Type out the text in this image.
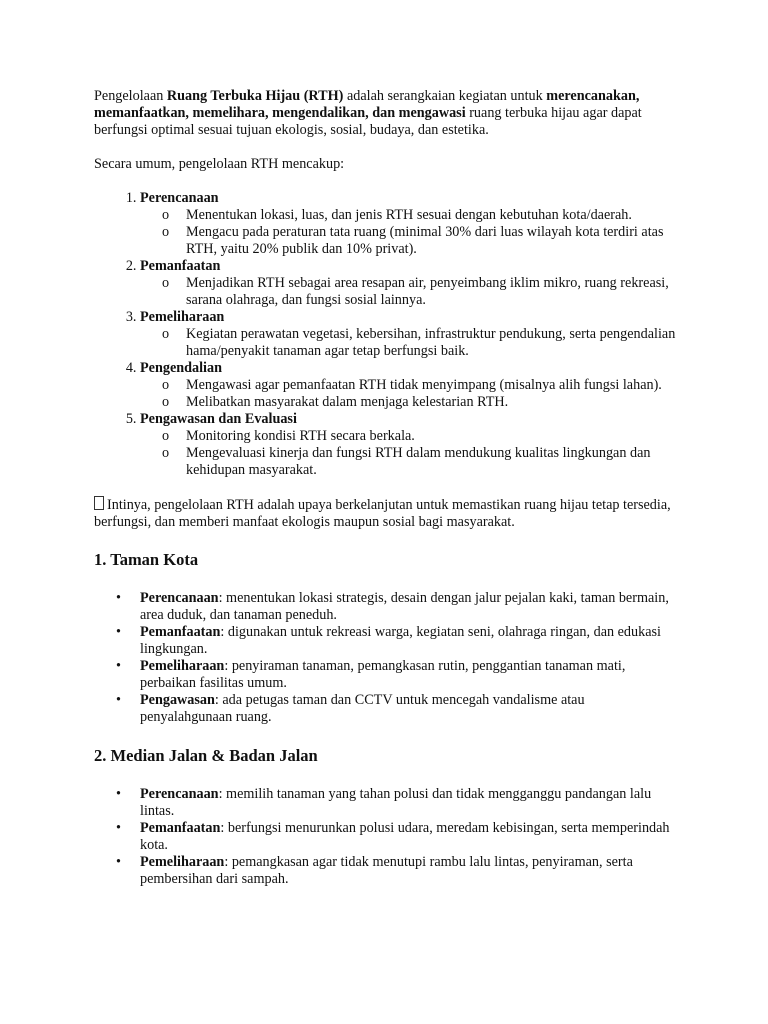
Pengelolaan Ruang Terbuka Hijau (RTH) adalah serangkaian kegiatan untuk merencanakan, memanfaatkan, memelihara, mengendalikan, dan mengawasi ruang terbuka hijau agar dapat berfungsi optimal sesuai tujuan ekologis, sosial, budaya, dan estetika.

Secara umum, pengelolaan RTH mencakup:

1. Perencanaan
o Menentukan lokasi, luas, dan jenis RTH sesuai dengan kebutuhan kota/daerah.
o Mengacu pada peraturan tata ruang (minimal 30% dari luas wilayah kota terdiri atas RTH, yaitu 20% publik dan 10% privat).
2. Pemanfaatan
o Menjadikan RTH sebagai area resapan air, penyeimbang iklim mikro, ruang rekreasi, sarana olahraga, dan fungsi sosial lainnya.
3. Pemeliharaan
o Kegiatan perawatan vegetasi, kebersihan, infrastruktur pendukung, serta pengendalian hama/penyakit tanaman agar tetap berfungsi baik.
4. Pengendalian
o Mengawasi agar pemanfaatan RTH tidak menyimpang (misalnya alih fungsi lahan).
o Melibatkan masyarakat dalam menjaga kelestarian RTH.
5. Pengawasan dan Evaluasi
o Monitoring kondisi RTH secara berkala.
o Mengevaluasi kinerja dan fungsi RTH dalam mendukung kualitas lingkungan dan kehidupan masyarakat.

Intinya, pengelolaan RTH adalah upaya berkelanjutan untuk memastikan ruang hijau tetap tersedia, berfungsi, dan memberi manfaat ekologis maupun sosial bagi masyarakat.

1. Taman Kota
• Perencanaan: menentukan lokasi strategis, desain dengan jalur pejalan kaki, taman bermain, area duduk, dan tanaman peneduh.
• Pemanfaatan: digunakan untuk rekreasi warga, kegiatan seni, olahraga ringan, dan edukasi lingkungan.
• Pemeliharaan: penyiraman tanaman, pemangkasan rutin, penggantian tanaman mati, perbaikan fasilitas umum.
• Pengawasan: ada petugas taman dan CCTV untuk mencegah vandalisme atau penyalahgunaan ruang.
2. Median Jalan & Badan Jalan
• Perencanaan: memilih tanaman yang tahan polusi dan tidak mengganggu pandangan lalu lintas.
• Pemanfaatan: berfungsi menurunkan polusi udara, meredam kebisingan, serta memperindah kota.
• Pemeliharaan: pemangkasan agar tidak menutupi rambu lalu lintas, penyiraman, serta pembersihan dari sampah.
